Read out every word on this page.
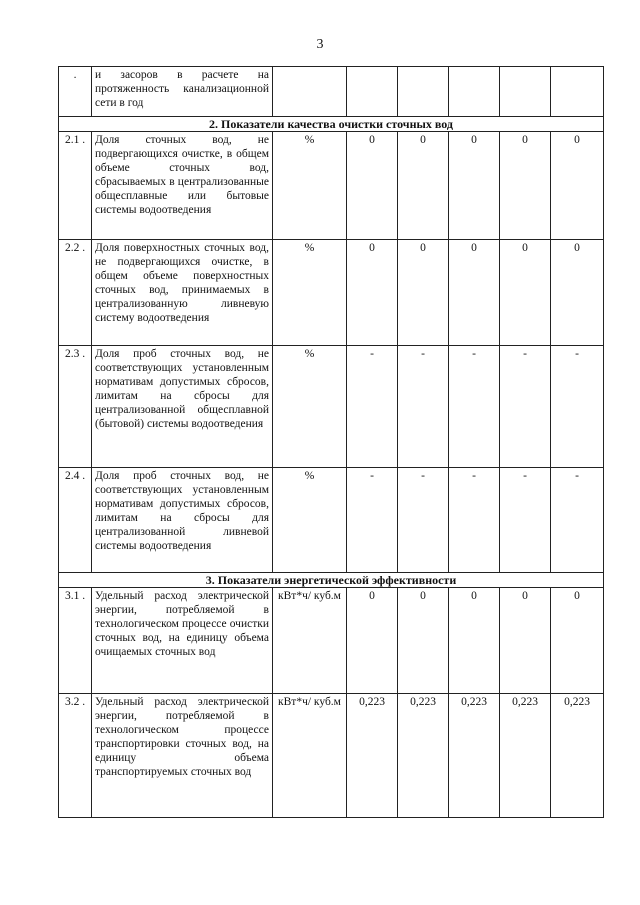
3
.	и засоров в расчете на протяженность канализационной сети в год						
2. Показатели качества очистки сточных вод							
2.1 .	Доля сточных вод, не подвергающихся очистке, в общем объеме сточных вод, сбрасываемых в централизованные общесплавные или бытовые системы водоотведения	%	0	0	0	0	0
2.2 .	Доля поверхностных сточных вод, не подвергающихся очистке, в общем объеме поверхностных сточных вод, принимаемых в централизованную ливневую систему водоотведения	%	0	0	0	0	0
2.3 .	Доля проб сточных вод, не соответствующих установленным нормативам допустимых сбросов, лимитам на сбросы для централизованной общесплавной (бытовой) системы водоотведения	%	-	-	-	-	-
2.4 .	Доля проб сточных вод, не соответствующих установленным нормативам допустимых сбросов, лимитам на сбросы для централизованной ливневой системы водоотведения	%	-	-	-	-	-
3. Показатели энергетической эффективности							
3.1 .	Удельный расход электрической энергии, потребляемой в технологическом процессе очистки сточных вод, на единицу объема очищаемых сточных вод	кВт*ч/ куб.м	0	0	0	0	0
3.2 .	Удельный расход электрической энергии, потребляемой в технологическом процессе транспортировки сточных вод, на единицу объема транспортируемых сточных вод	кВт*ч/ куб.м	0,223	0,223	0,223	0,223	0,223
